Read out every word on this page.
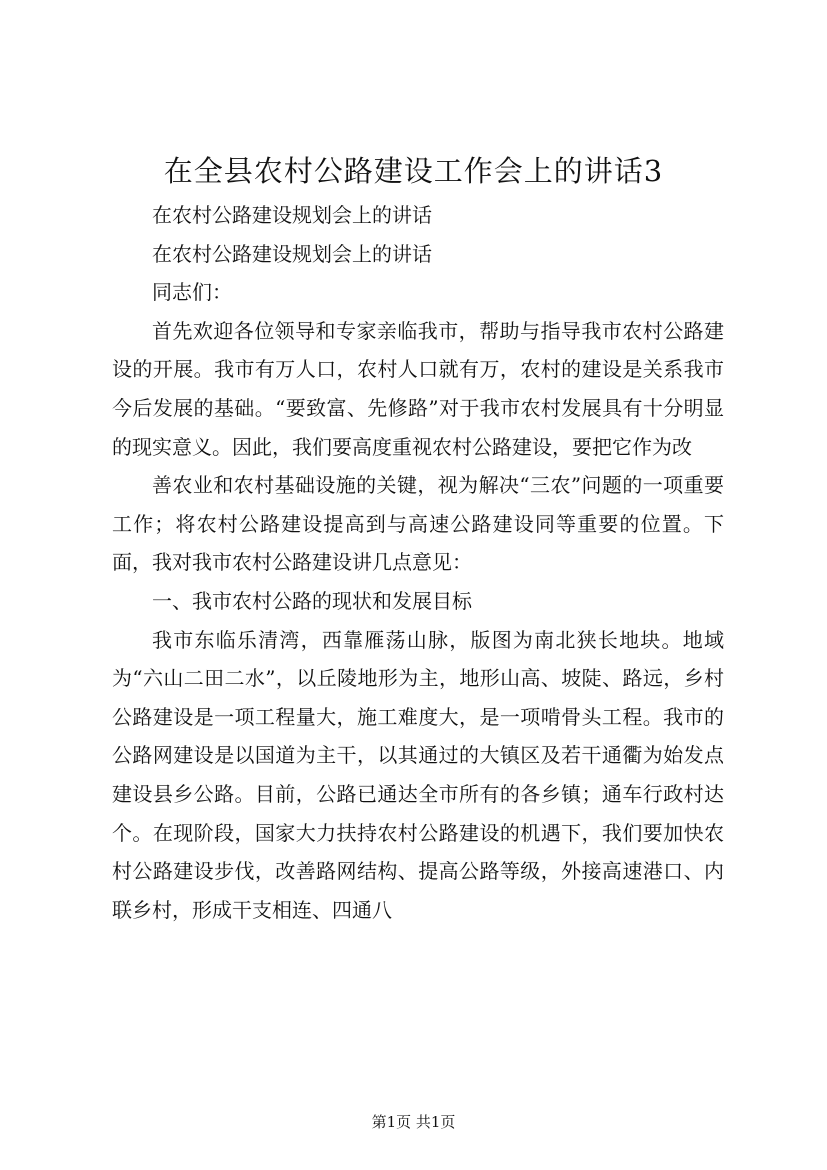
在全县农村公路建设工作会上的讲话3

在农村公路建设规划会上的讲话

在农村公路建设规划会上的讲话

同志们：

首先欢迎各位领导和专家亲临我市，帮助与指导我市农村公路建设的开展。我市有万人口，农村人口就有万，农村的建设是关系我市今后发展的基础。“要致富、先修路”对于我市农村发展具有十分明显的现实意义。因此，我们要高度重视农村公路建设，要把它作为改

善农业和农村基础设施的关键，视为解决“三农”问题的一项重要工作；将农村公路建设提高到与高速公路建设同等重要的位置。下面，我对我市农村公路建设讲几点意见：

一、我市农村公路的现状和发展目标

我市东临乐清湾，西靠雁荡山脉，版图为南北狭长地块。地域为“六山二田二水”，以丘陵地形为主，地形山高、坡陡、路远，乡村公路建设是一项工程量大，施工难度大，是一项啃骨头工程。我市的公路网建设是以国道为主干，以其通过的大镇区及若干通衢为始发点建设县乡公路。目前，公路已通达全市所有的各乡镇；通车行政村达个。在现阶段，国家大力扶持农村公路建设的机遇下，我们要加快农村公路建设步伐，改善路网结构、提高公路等级，外接高速港口、内联乡村，形成干支相连、四通八

第1页 共1页
